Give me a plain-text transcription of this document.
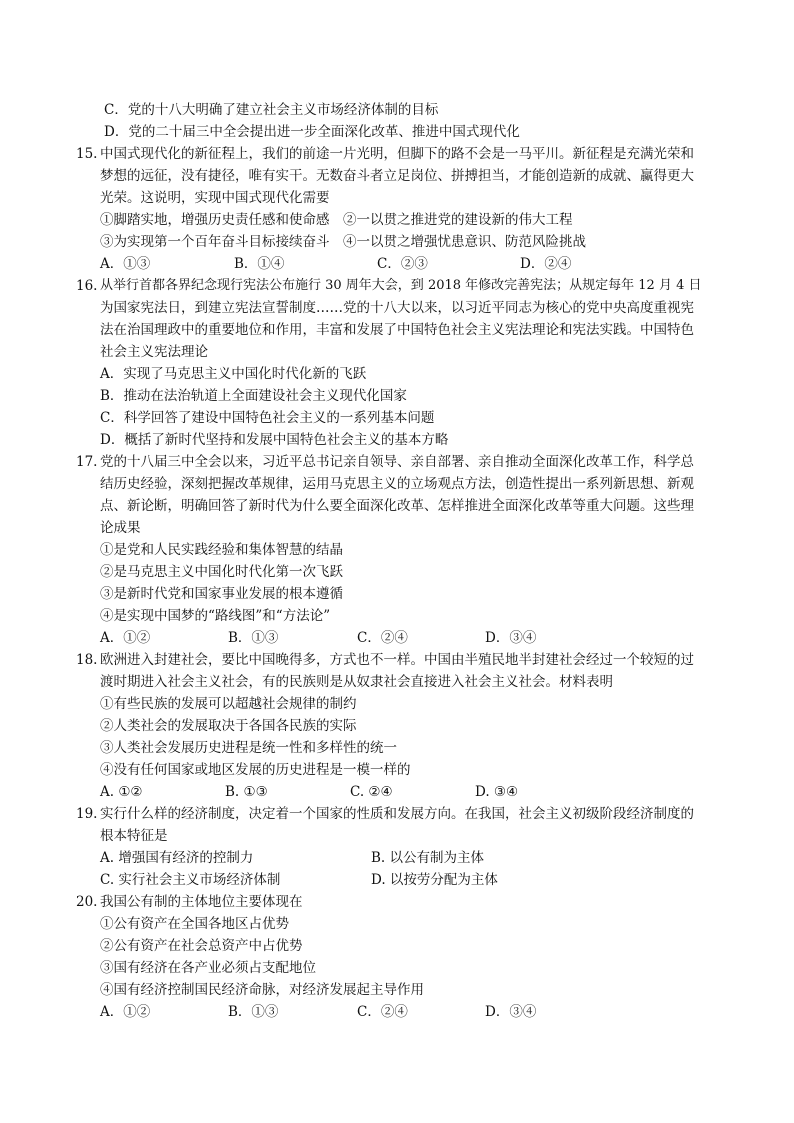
C．党的十八大明确了建立社会主义市场经济体制的目标
D．党的二十届三中全会提出进一步全面深化改革、推进中国式现代化
15. 中国式现代化的新征程上，我们的前途一片光明，但脚下的路不会是一马平川。新征程是充满光荣和
梦想的远征，没有捷径，唯有实干。无数奋斗者立足岗位、拼搏担当，才能创造新的成就、赢得更大
光荣。这说明，实现中国式现代化需要
①脚踏实地，增强历史责任感和使命感　②一以贯之推进党的建设新的伟大工程
③为实现第一个百年奋斗目标接续奋斗　④一以贯之增强忧患意识、防范风险挑战
A．①③	B．①④	C．②③	D．②④
16. 从举行首都各界纪念现行宪法公布施行 30 周年大会，到 2018 年修改完善宪法；从规定每年 12 月 4 日
为国家宪法日，到建立宪法宣誓制度……党的十八大以来，以习近平同志为核心的党中央高度重视宪
法在治国理政中的重要地位和作用，丰富和发展了中国特色社会主义宪法理论和宪法实践。中国特色
社会主义宪法理论
A．实现了马克思主义中国化时代化新的飞跃
B．推动在法治轨道上全面建设社会主义现代化国家
C．科学回答了建设中国特色社会主义的一系列基本问题
D．概括了新时代坚持和发展中国特色社会主义的基本方略
17. 党的十八届三中全会以来，习近平总书记亲自领导、亲自部署、亲自推动全面深化改革工作，科学总
结历史经验，深刻把握改革规律，运用马克思主义的立场观点方法，创造性提出一系列新思想、新观
点、新论断，明确回答了新时代为什么要全面深化改革、怎样推进全面深化改革等重大问题。这些理
论成果
①是党和人民实践经验和集体智慧的结晶
②是马克思主义中国化时代化第一次飞跃
③是新时代党和国家事业发展的根本遵循
④是实现中国梦的“路线图”和“方法论”
A．①②	B．①③	C．②④	D．③④
18. 欧洲进入封建社会，要比中国晚得多，方式也不一样。中国由半殖民地半封建社会经过一个较短的过
渡时期进入社会主义社会，有的民族则是从奴隶社会直接进入社会主义社会。材料表明
①有些民族的发展可以超越社会规律的制约
②人类社会的发展取决于各国各民族的实际
③人类社会发展历史进程是统一性和多样性的统一
④没有任何国家或地区发展的历史进程是一模一样的
A. ①②	B. ①③	C. ②④	D. ③④
19. 实行什么样的经济制度，决定着一个国家的性质和发展方向。在我国，社会主义初级阶段经济制度的
根本特征是
A. 增强国有经济的控制力	B. 以公有制为主体
C. 实行社会主义市场经济体制	D. 以按劳分配为主体
20. 我国公有制的主体地位主要体现在
①公有资产在全国各地区占优势
②公有资产在社会总资产中占优势
③国有经济在各产业必须占支配地位
④国有经济控制国民经济命脉，对经济发展起主导作用
A．①②	B．①③	C．②④	D．③④
